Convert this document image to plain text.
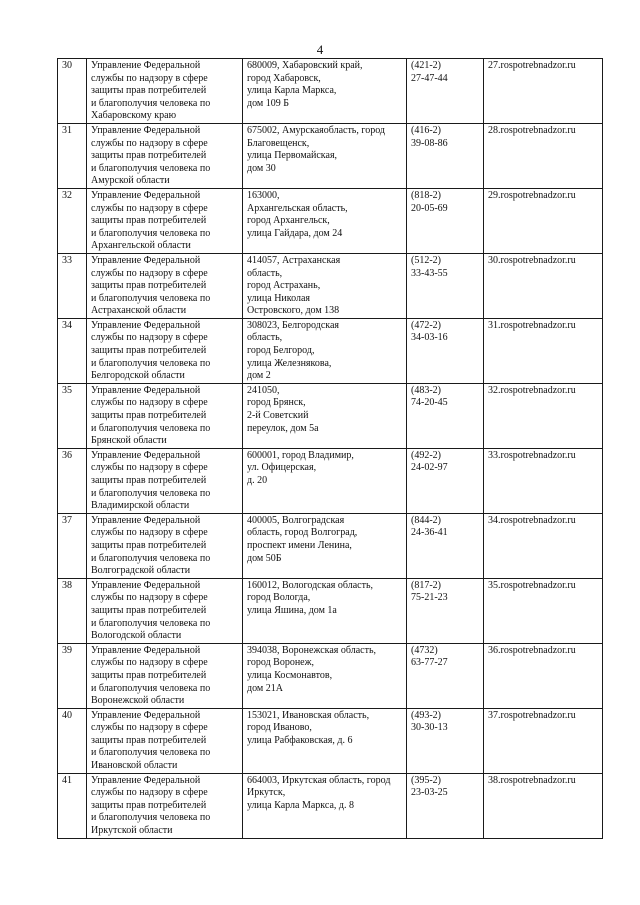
4
30	Управление Федеральной
службы по надзору в сфере
защиты прав потребителей
и благополучия человека по
Хабаровскому краю	680009, Хабаровский край,
город Хабаровск,
улица Карла Маркса,
дом 109 Б	(421-2)
27-47-44	27.rospotrebnadzor.ru

31	Управление Федеральной
службы по надзору в сфере
защиты прав потребителей
и благополучия человека по
Амурской области	675002, Амурскаяобласть, город
Благовещенск,
улица Первомайская,
дом 30	(416-2)
39-08-86	28.rospotrebnadzor.ru

32	Управление Федеральной
службы по надзору в сфере
защиты прав потребителей
и благополучия человека по
Архангельской области	163000,
Архангельская область,
город Архангельск,
улица Гайдара, дом 24	(818-2)
20-05-69	29.rospotrebnadzor.ru

33	Управление Федеральной
службы по надзору в сфере
защиты прав потребителей
и благополучия человека по
Астраханской области	414057, Астраханская
область,
город Астрахань,
улица Николая
Островского, дом 138	(512-2)
33-43-55	30.rospotrebnadzor.ru

34	Управление Федеральной
службы по надзору в сфере
защиты прав потребителей
и благополучия человека по
Белгородской области	308023, Белгородская
область,
город Белгород,
улица Железнякова,
дом 2	(472-2)
34-03-16	31.rospotrebnadzor.ru

35	Управление Федеральной
службы по надзору в сфере
защиты прав потребителей
и благополучия человека по
Брянской области	241050,
город Брянск,
2-й Советский
переулок, дом 5а	(483-2)
74-20-45	32.rospotrebnadzor.ru

36	Управление Федеральной
службы по надзору в сфере
защиты прав потребителей
и благополучия человека по
Владимирской области	600001, город Владимир,
ул. Офицерская,
д. 20	(492-2)
24-02-97	33.rospotrebnadzor.ru

37	Управление Федеральной
службы по надзору в сфере
защиты прав потребителей
и благополучия человека по
Волгоградской области	400005, Волгоградская
область, город Волгоград,
проспект имени Ленина,
дом 50Б	(844-2)
24-36-41	34.rospotrebnadzor.ru

38	Управление Федеральной
службы по надзору в сфере
защиты прав потребителей
и благополучия человека по
Вологодской области	160012, Вологодская область,
город Вологда,
улица Яшина, дом 1а	(817-2)
75-21-23	35.rospotrebnadzor.ru

39	Управление Федеральной
службы по надзору в сфере
защиты прав потребителей
и благополучия человека по
Воронежской области	394038, Воронежская область,
город Воронеж,
улица Космонавтов,
дом 21А	(4732)
63-77-27	36.rospotrebnadzor.ru

40	Управление Федеральной
службы по надзору в сфере
защиты прав потребителей
и благополучия человека по
Ивановской области	153021, Ивановская область,
город Иваново,
улица Рабфаковская, д. 6	(493-2)
30-30-13	37.rospotrebnadzor.ru

41	Управление Федеральной
службы по надзору в сфере
защиты прав потребителей
и благополучия человека по
Иркутской области	664003, Иркутская область, город
Иркутск,
улица Карла Маркса, д. 8	(395-2)
23-03-25	38.rospotrebnadzor.ru
